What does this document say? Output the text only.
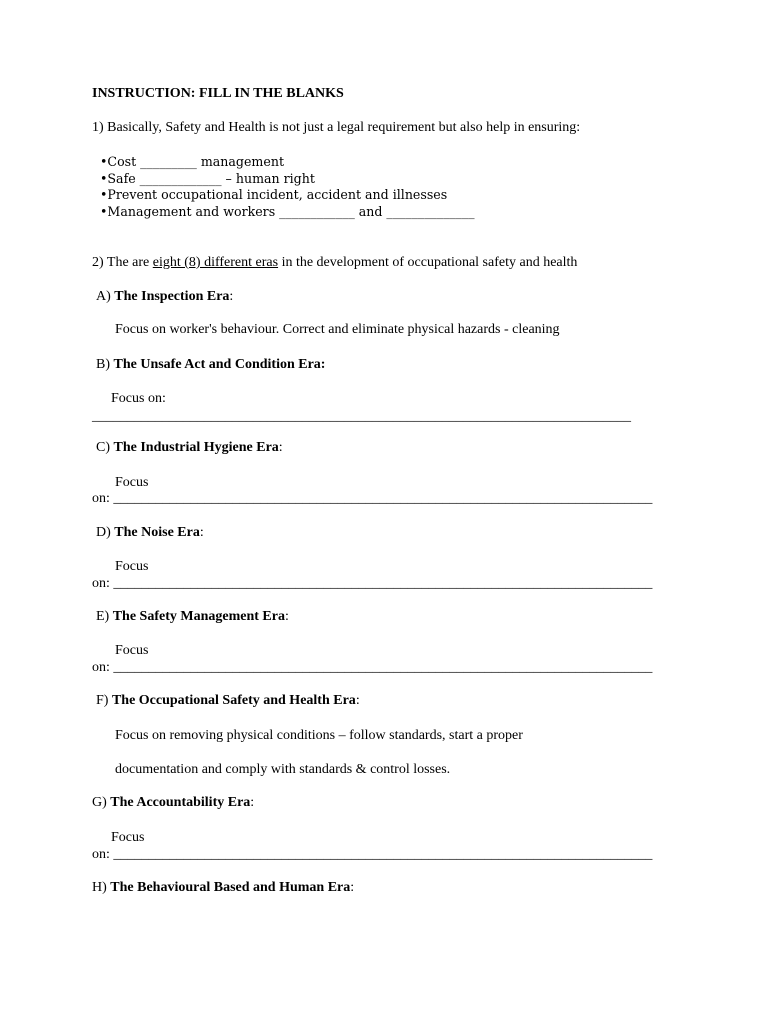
INSTRUCTION: FILL IN THE BLANKS
1) Basically, Safety and Health is not just a legal requirement but also help in ensuring:
•Cost _________ management
•Safe _____________ – human right
•Prevent occupational incident, accident and illnesses
•Management and workers ____________ and ______________
2) The are eight (8) different eras in the development of occupational safety and health
A) The Inspection Era:
Focus on worker's behaviour. Correct and eliminate physical hazards - cleaning
B) The Unsafe Act and Condition Era:
Focus on:
_____________________________________________________________________________
C) The Industrial Hygiene Era:
Focus
on: _____________________________________________________________________________
D) The Noise Era:
Focus
on: _____________________________________________________________________________
E) The Safety Management Era:
Focus
on: _____________________________________________________________________________
F) The Occupational Safety and Health Era:
Focus on removing physical conditions – follow standards, start a proper
documentation and comply with standards & control losses.
G) The Accountability Era:
Focus
on: _____________________________________________________________________________
H) The Behavioural Based and Human Era:
